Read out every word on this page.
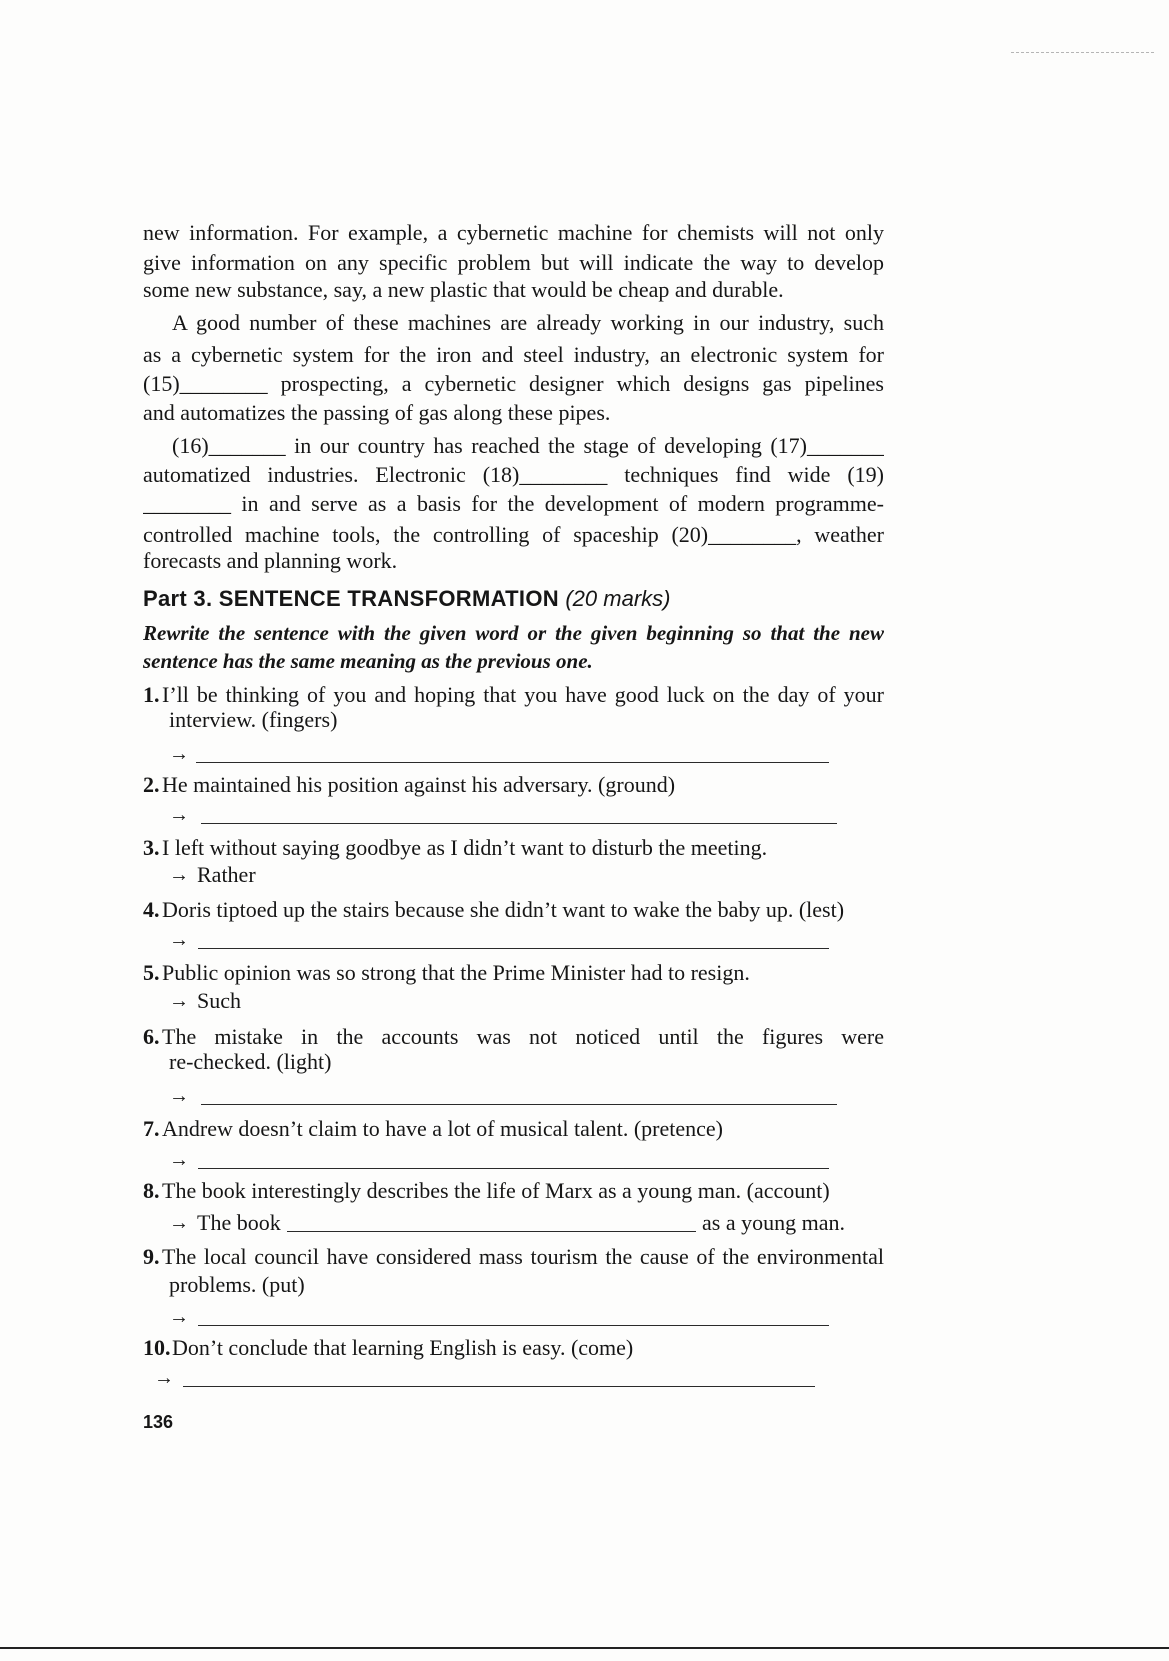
new information. For example, a cybernetic machine for chemists will not only
give information on any specific problem but will indicate the way to develop
some new substance, say, a new plastic that would be cheap and durable.
A good number of these machines are already working in our industry, such
as a cybernetic system for the iron and steel industry, an electronic system for
(15)________ prospecting, a cybernetic designer which designs gas pipelines
and automatizes the passing of gas along these pipes.
(16)_______ in our country has reached the stage of developing (17)_______
automatized industries. Electronic (18)________ techniques find wide (19)
________ in and serve as a basis for the development of modern programme-
controlled machine tools, the controlling of spaceship (20)________, weather
forecasts and planning work.
Part 3. SENTENCE TRANSFORMATION (20 marks)
Rewrite the sentence with the given word or the given beginning so that the new
sentence has the same meaning as the previous one.
1. I’ll be thinking of you and hoping that you have good luck on the day of your
interview. (fingers)
→
2. He maintained his position against his adversary. (ground)
→
3. I left without saying goodbye as I didn’t want to disturb the meeting.
→ Rather
4. Doris tiptoed up the stairs because she didn’t want to wake the baby up. (lest)
→
5. Public opinion was so strong that the Prime Minister had to resign.
→ Such
6. The mistake in the accounts was not noticed until the figures were
re-checked. (light)
→
7. Andrew doesn’t claim to have a lot of musical talent. (pretence)
→
8. The book interestingly describes the life of Marx as a young man. (account)
→ The book	as a young man.
9. The local council have considered mass tourism the cause of the environmental
problems. (put)
→
10. Don’t conclude that learning English is easy. (come)
→
136
